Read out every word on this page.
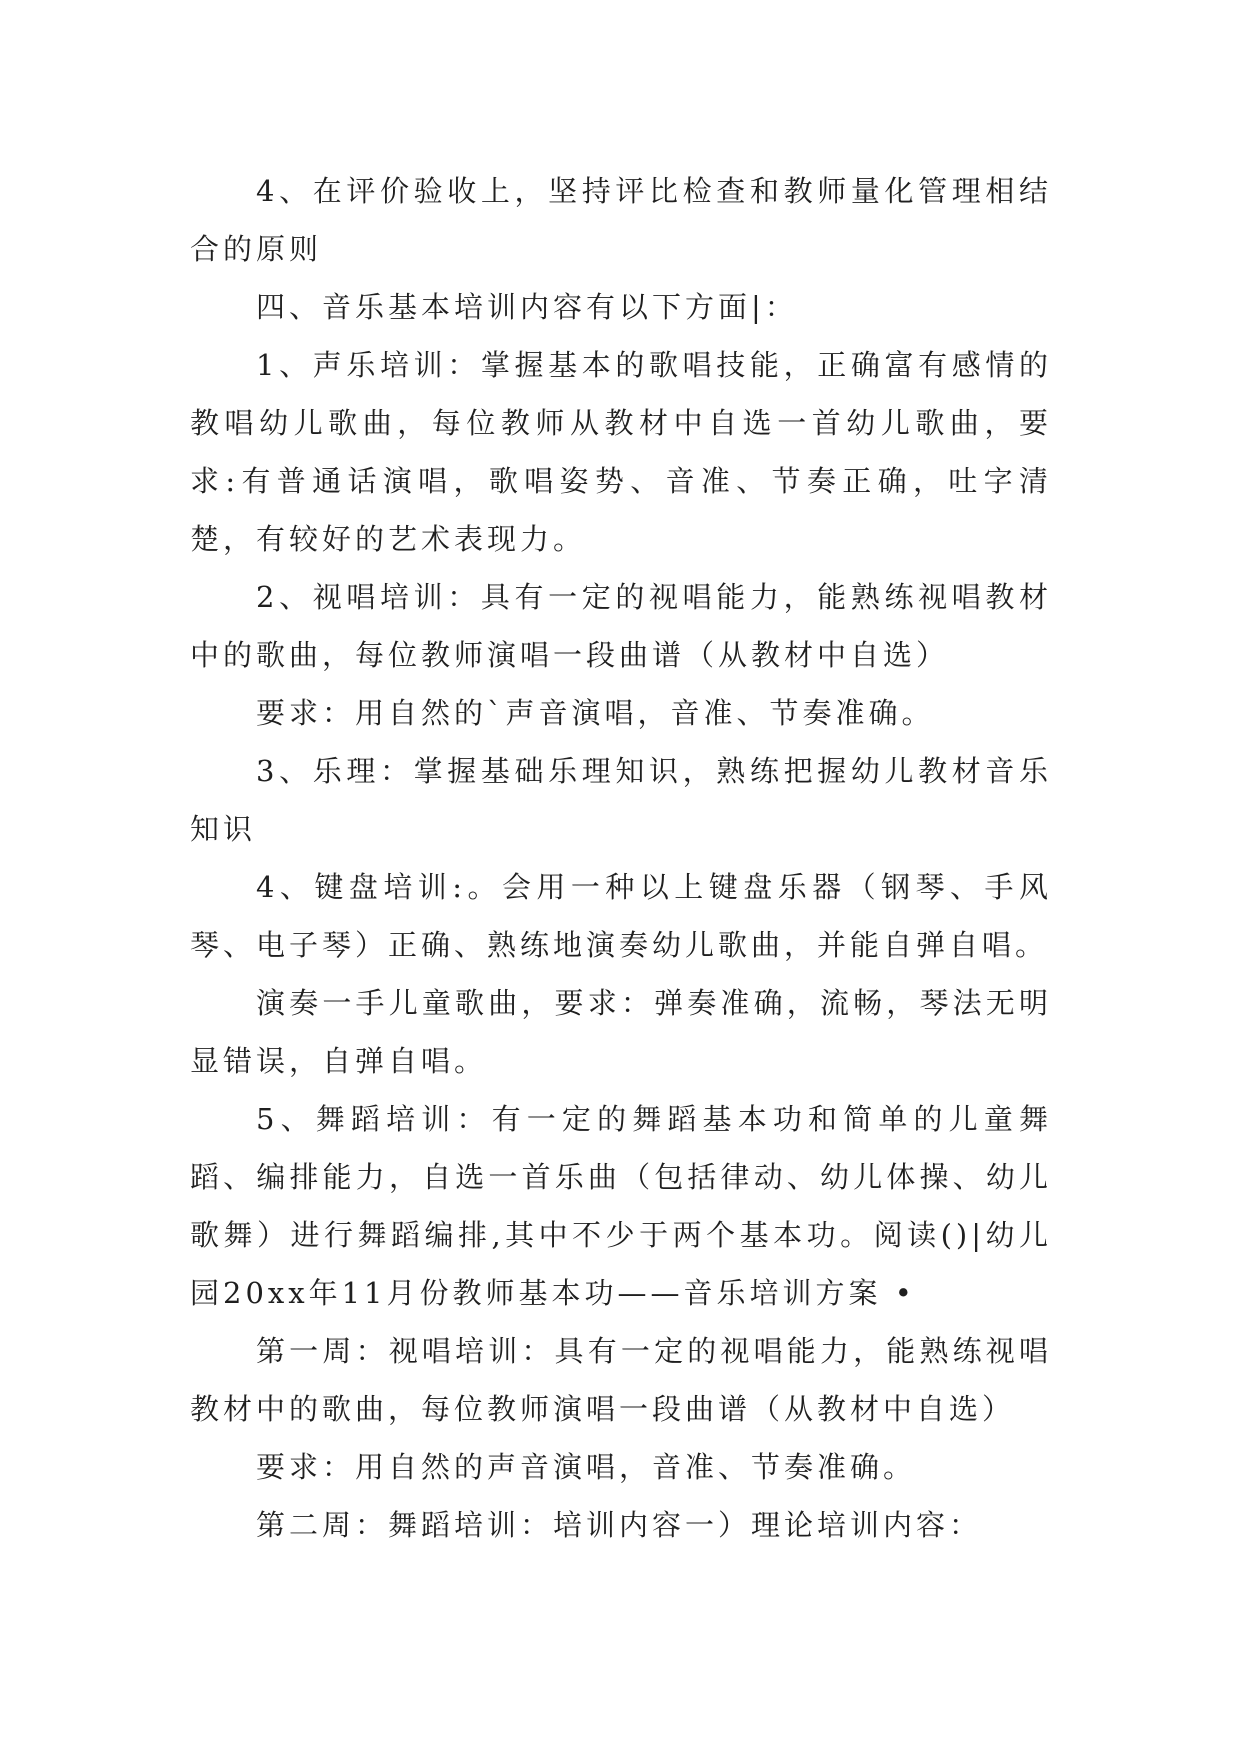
4、在评价验收上，坚持评比检查和教师量化管理相结合的原则

四、音乐基本培训内容有以下方面|：

1、声乐培训：掌握基本的歌唱技能，正确富有感情的教唱幼儿歌曲，每位教师从教材中自选一首幼儿歌曲，要求:有普通话演唱，歌唱姿势、音准、节奏正确，吐字清楚，有较好的艺术表现力。

2、视唱培训：具有一定的视唱能力，能熟练视唱教材中的歌曲，每位教师演唱一段曲谱（从教材中自选）

要求：用自然的`声音演唱，音准、节奏准确。

3、乐理：掌握基础乐理知识，熟练把握幼儿教材音乐知识

4、键盘培训:。会用一种以上键盘乐器（钢琴、手风琴、电子琴）正确、熟练地演奏幼儿歌曲，并能自弹自唱。

演奏一手儿童歌曲，要求：弹奏准确，流畅，琴法无明显错误，自弹自唱。

5、舞蹈培训：有一定的舞蹈基本功和简单的儿童舞蹈、编排能力，自选一首乐曲（包括律动、幼儿体操、幼儿歌舞）进行舞蹈编排,其中不少于两个基本功。阅读()|幼儿园20xx年11月份教师基本功——音乐培训方案 •

第一周：视唱培训：具有一定的视唱能力，能熟练视唱教材中的歌曲，每位教师演唱一段曲谱（从教材中自选）

要求：用自然的声音演唱，音准、节奏准确。

第二周：舞蹈培训：培训内容一）理论培训内容：
